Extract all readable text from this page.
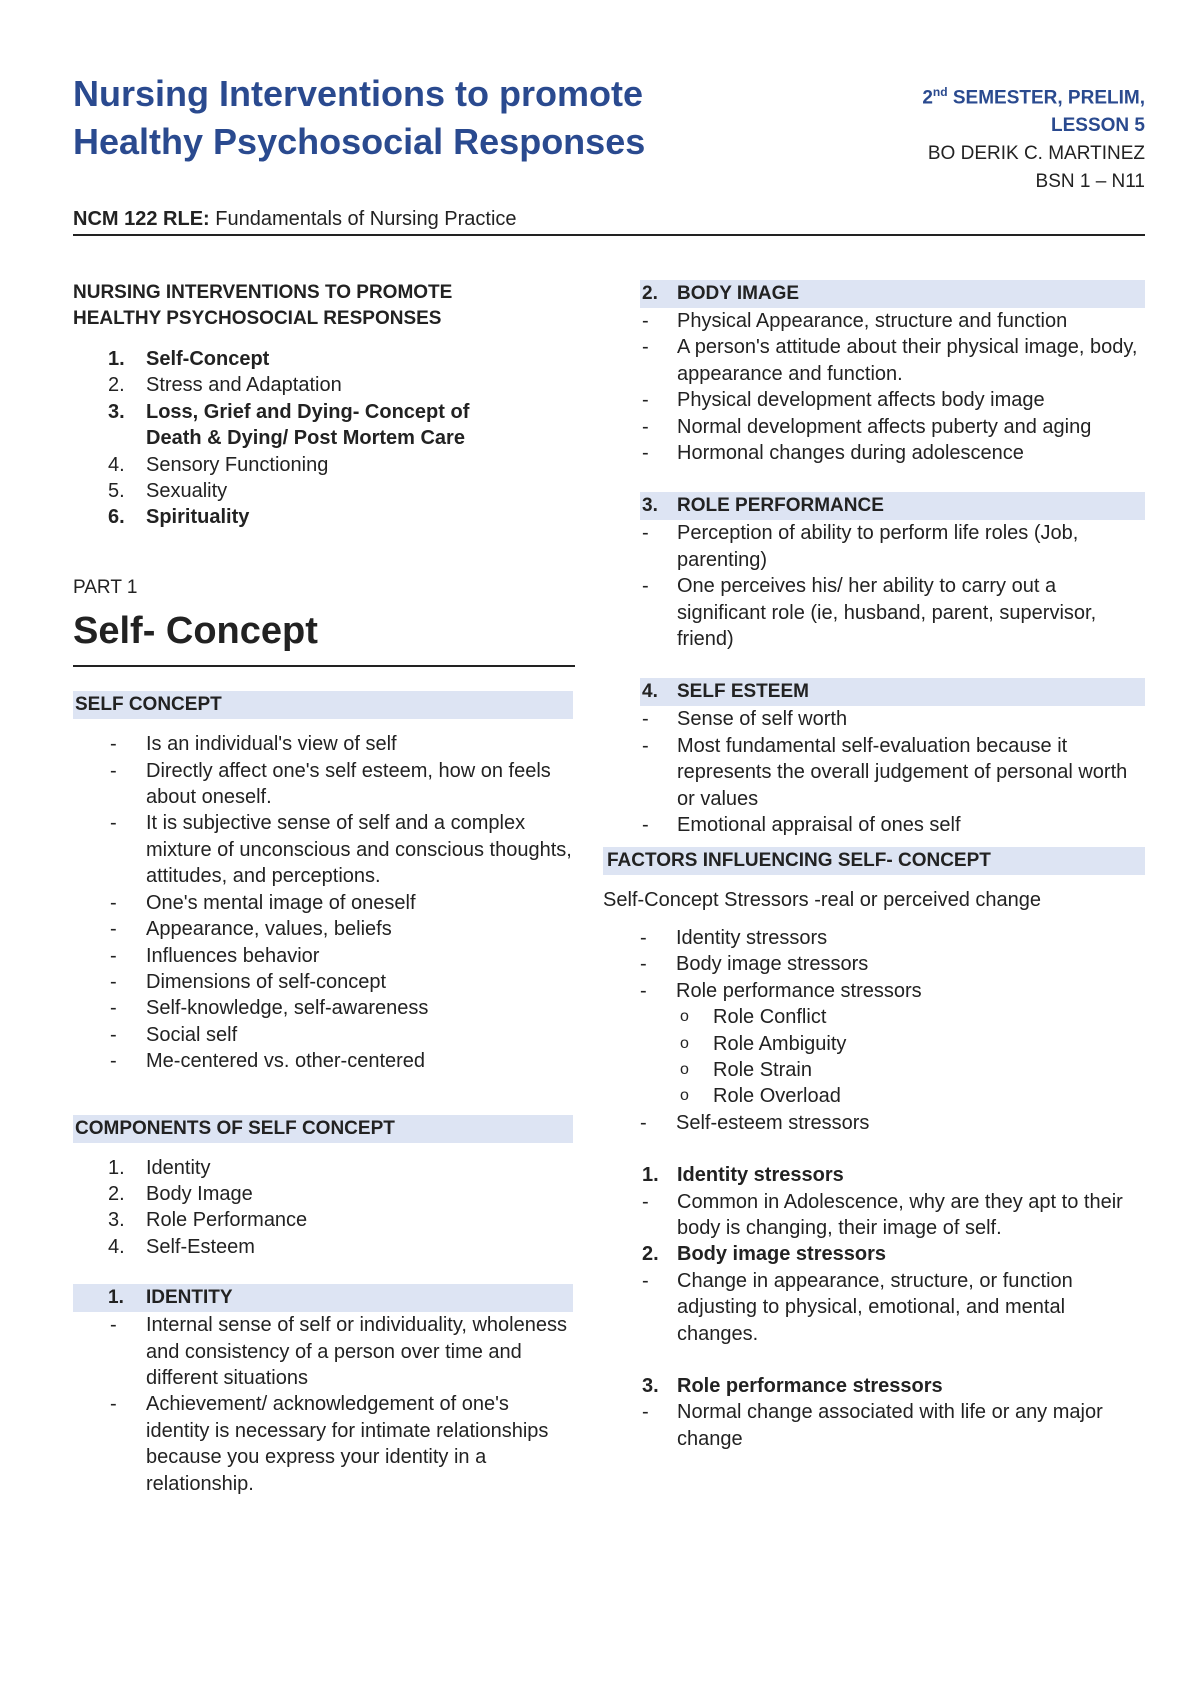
Nursing Interventions to promote
Healthy Psychosocial Responses
2nd SEMESTER, PRELIM,
LESSON 5
BO DERIK C. MARTINEZ
BSN 1 – N11
NCM 122 RLE: Fundamentals of Nursing Practice
NURSING INTERVENTIONS TO PROMOTE
HEALTHY PSYCHOSOCIAL RESPONSES
1. Self-Concept
2. Stress and Adaptation
3. Loss, Grief and Dying- Concept of
Death & Dying/ Post Mortem Care
4. Sensory Functioning
5. Sexuality
6. Spirituality
PART 1
Self- Concept
SELF CONCEPT
- Is an individual's view of self
- Directly affect one's self esteem, how on feels about oneself.
- It is subjective sense of self and a complex mixture of unconscious and conscious thoughts, attitudes, and perceptions.
- One's mental image of oneself
- Appearance, values, beliefs
- Influences behavior
- Dimensions of self-concept
- Self-knowledge, self-awareness
- Social self
- Me-centered vs. other-centered
COMPONENTS OF SELF CONCEPT
1. Identity
2. Body Image
3. Role Performance
4. Self-Esteem
1. IDENTITY
- Internal sense of self or individuality, wholeness and consistency of a person over time and different situations
- Achievement/ acknowledgement of one's identity is necessary for intimate relationships because you express your identity in a relationship.
2. BODY IMAGE
- Physical Appearance, structure and function
- A person's attitude about their physical image, body, appearance and function.
- Physical development affects body image
- Normal development affects puberty and aging
- Hormonal changes during adolescence
3. ROLE PERFORMANCE
- Perception of ability to perform life roles (Job, parenting)
- One perceives his/ her ability to carry out a significant role (ie, husband, parent, supervisor, friend)
4. SELF ESTEEM
- Sense of self worth
- Most fundamental self-evaluation because it represents the overall judgement of personal worth or values
- Emotional appraisal of ones self
FACTORS INFLUENCING SELF- CONCEPT
Self-Concept Stressors -real or perceived change
- Identity stressors
- Body image stressors
- Role performance stressors
o Role Conflict
o Role Ambiguity
o Role Strain
o Role Overload
- Self-esteem stressors
1. Identity stressors
- Common in Adolescence, why are they apt to their body is changing, their image of self.
2. Body image stressors
- Change in appearance, structure, or function adjusting to physical, emotional, and mental changes.
3. Role performance stressors
- Normal change associated with life or any major change
